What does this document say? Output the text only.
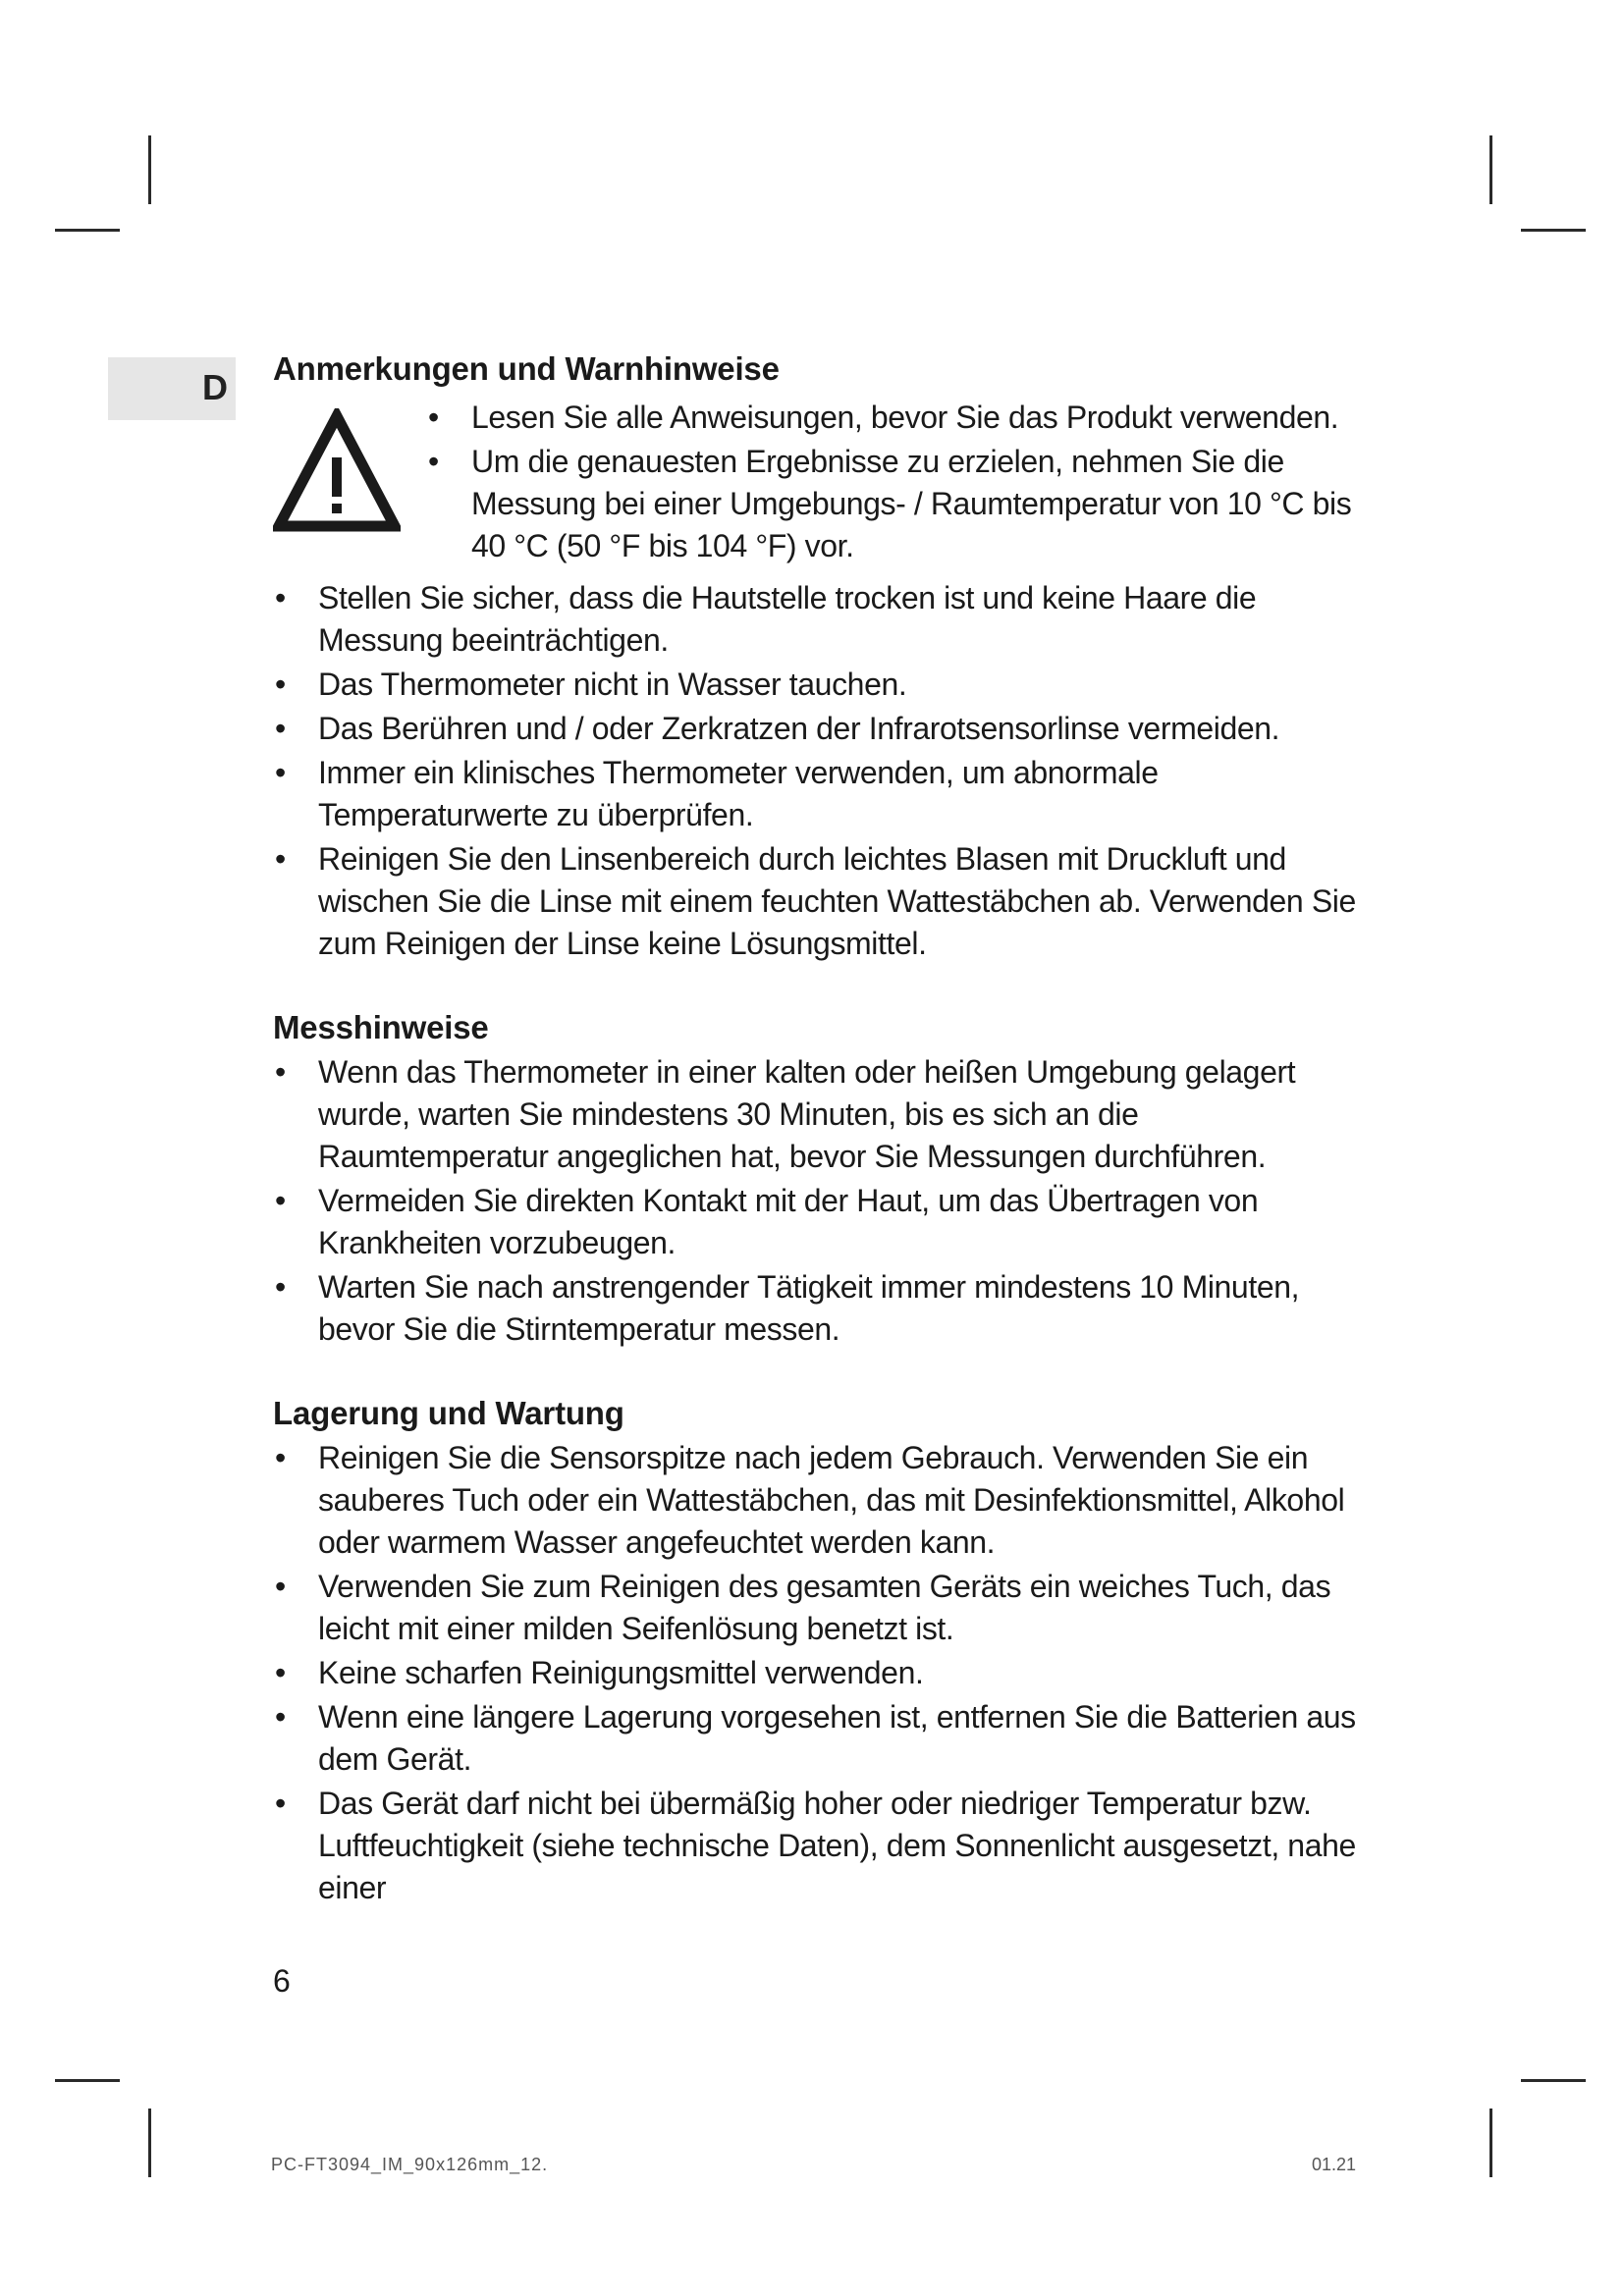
D Anmerkungen und Warnhinweise
• Lesen Sie alle Anweisungen, bevor Sie das Produkt verwenden.
• Um die genauesten Ergebnisse zu erzielen, nehmen Sie die Messung bei einer Umgebungs- / Raumtemperatur von 10 °C bis 40 °C (50 °F bis 104 °F) vor.
• Stellen Sie sicher, dass die Hautstelle trocken ist und keine Haare die Messung beeinträchtigen.
• Das Thermometer nicht in Wasser tauchen.
• Das Berühren und / oder Zerkratzen der Infrarotsensorlinse vermeiden.
• Immer ein klinisches Thermometer verwenden, um abnormale Temperaturwerte zu überprüfen.
• Reinigen Sie den Linsenbereich durch leichtes Blasen mit Druckluft und wischen Sie die Linse mit einem feuchten Wattestäbchen ab. Verwenden Sie zum Reinigen der Linse keine Lösungsmittel.
Messhinweise
• Wenn das Thermometer in einer kalten oder heißen Umgebung gelagert wurde, warten Sie mindestens 30 Minuten, bis es sich an die Raumtemperatur angeglichen hat, bevor Sie Messungen durchführen.
• Vermeiden Sie direkten Kontakt mit der Haut, um das Übertragen von Krankheiten vorzubeugen.
• Warten Sie nach anstrengender Tätigkeit immer mindestens 10 Minuten, bevor Sie die Stirntemperatur messen.
Lagerung und Wartung
• Reinigen Sie die Sensorspitze nach jedem Gebrauch. Verwenden Sie ein sauberes Tuch oder ein Wattestäbchen, das mit Desinfektionsmittel, Alkohol oder warmem Wasser angefeuchtet werden kann.
• Verwenden Sie zum Reinigen des gesamten Geräts ein weiches Tuch, das leicht mit einer milden Seifenlösung benetzt ist.
• Keine scharfen Reinigungsmittel verwenden.
• Wenn eine längere Lagerung vorgesehen ist, entfernen Sie die Batterien aus dem Gerät.
• Das Gerät darf nicht bei übermäßig hoher oder niedriger Temperatur bzw. Luftfeuchtigkeit (siehe technische Daten), dem Sonnenlicht ausgesetzt, nahe einer
6
PC-FT3094_IM_90x126mm_12.	01.21
